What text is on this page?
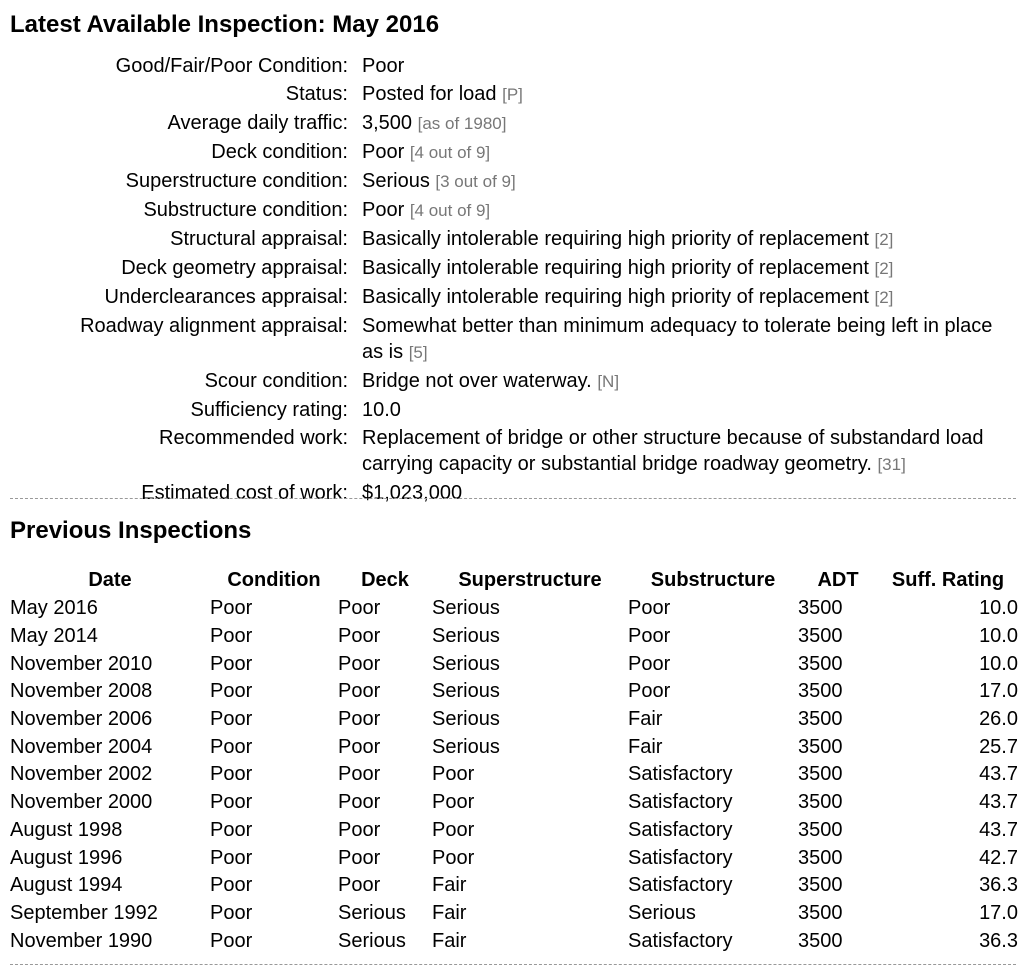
Latest Available Inspection: May 2016
Good/Fair/Poor Condition:	Poor
Status:	Posted for load [P]
Average daily traffic:	3,500 [as of 1980]
Deck condition:	Poor [4 out of 9]
Superstructure condition:	Serious [3 out of 9]
Substructure condition:	Poor [4 out of 9]
Structural appraisal:	Basically intolerable requiring high priority of replacement [2]
Deck geometry appraisal:	Basically intolerable requiring high priority of replacement [2]
Underclearances appraisal:	Basically intolerable requiring high priority of replacement [2]
Roadway alignment appraisal:	Somewhat better than minimum adequacy to tolerate being left in place as is [5]
Scour condition:	Bridge not over waterway. [N]
Sufficiency rating:	10.0
Recommended work:	Replacement of bridge or other structure because of substandard load carrying capacity or substantial bridge roadway geometry. [31]
Estimated cost of work:	$1,023,000
Previous Inspections
Date	Condition	Deck	Superstructure	Substructure	ADT	Suff. Rating
May 2016	Poor	Poor	Serious	Poor	3500	10.0
May 2014	Poor	Poor	Serious	Poor	3500	10.0
November 2010	Poor	Poor	Serious	Poor	3500	10.0
November 2008	Poor	Poor	Serious	Poor	3500	17.0
November 2006	Poor	Poor	Serious	Fair	3500	26.0
November 2004	Poor	Poor	Serious	Fair	3500	25.7
November 2002	Poor	Poor	Poor	Satisfactory	3500	43.7
November 2000	Poor	Poor	Poor	Satisfactory	3500	43.7
August 1998	Poor	Poor	Poor	Satisfactory	3500	43.7
August 1996	Poor	Poor	Poor	Satisfactory	3500	42.7
August 1994	Poor	Poor	Fair	Satisfactory	3500	36.3
September 1992	Poor	Serious	Fair	Serious	3500	17.0
November 1990	Poor	Serious	Fair	Satisfactory	3500	36.3
